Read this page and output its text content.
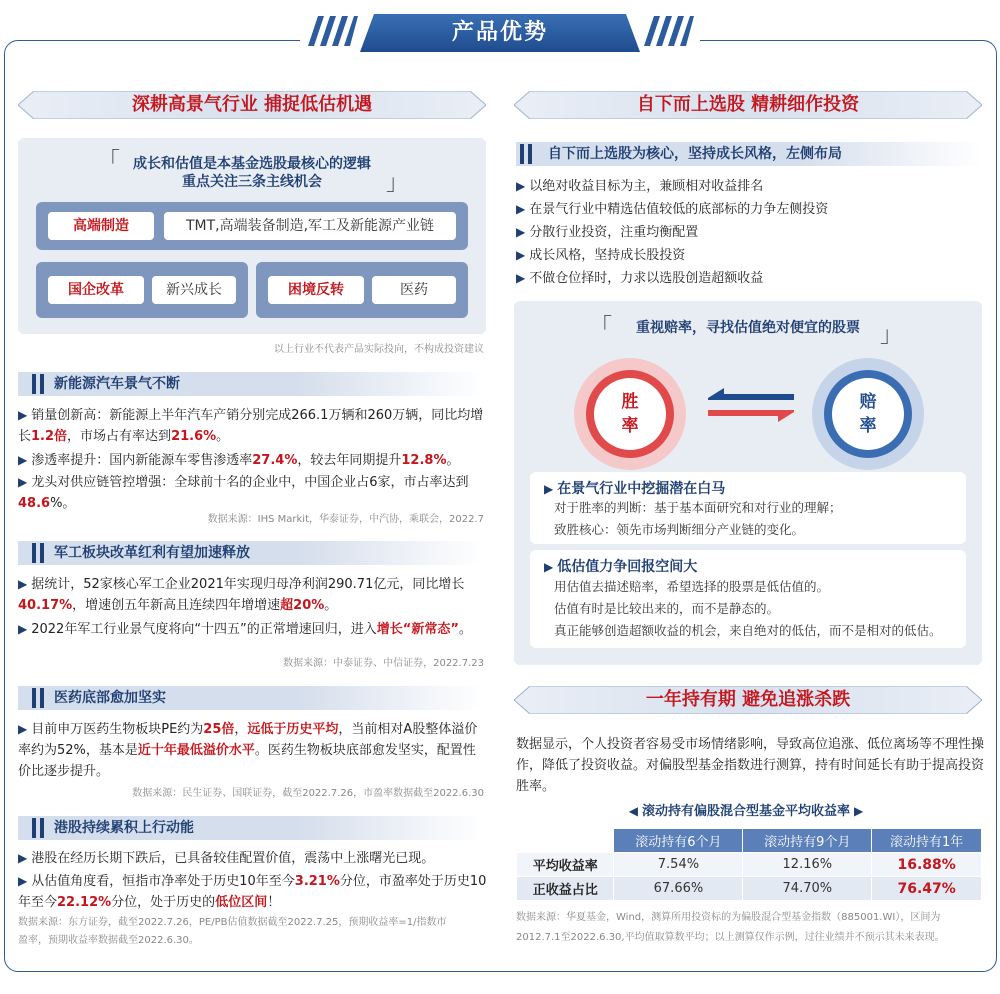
产品优势
深耕高景气行业 捕捉低估机遇
「
」
成长和估值是本基金选股最核心的逻辑
重点关注三条主线机会
高端制造	TMT,高端装备制造,军工及新能源产业链
国企改革	新兴成长	困境反转	医药
以上行业不代表产品实际投向，不构成投资建议
新能源汽车景气不断
▶ 销量创新高：新能源上半年汽车产销分别完成266.1万辆和260万辆，同比均增长1.2倍，市场占有率达到21.6%。
▶ 渗透率提升：国内新能源车零售渗透率27.4%，较去年同期提升12.8%。
▶ 龙头对供应链管控增强：全球前十名的企业中，中国企业占6家，市占率达到48.6%。
数据来源：IHS Markit，华泰证券，中汽协，乘联会，2022.7
军工板块改革红利有望加速释放
▶ 据统计，52家核心军工企业2021年实现归母净利润290.71亿元，同比增长40.17%，增速创五年新高且连续四年增增速超20%。
▶ 2022年军工行业景气度将向“十四五”的正常增速回归，进入增长“新常态”。
数据来源：中泰证券、中信证券，2022.7.23
医药底部愈加坚实
▶ 目前申万医药生物板块PE约为25倍，远低于历史平均，当前相对A股整体溢价率约为52%，基本是近十年最低溢价水平。医药生物板块底部愈发坚实，配置性价比逐步提升。
数据来源：民生证券、国联证券，截至2022.7.26，市盈率数据截至2022.6.30
港股持续累积上行动能
▶ 港股在经历长期下跌后，已具备较佳配置价值，震荡中上涨曙光已现。
▶ 从估值角度看，恒指市净率处于历史10年至今3.21%分位，市盈率处于历史10年至今22.12%分位，处于历史的低位区间！
数据来源：东方证券，截至2022.7.26，PE/PB估值数据截至2022.7.25，预期收益率=1/指数市
盈率，预期收益率数据截至2022.6.30。
自下而上选股 精耕细作投资
自下而上选股为核心，坚持成长风格，左侧布局
▶ 以绝对收益目标为主，兼顾相对收益排名
▶ 在景气行业中精选估值较低的底部标的力争左侧投资
▶ 分散行业投资，注重均衡配置
▶ 成长风格，坚持成长股投资
▶ 不做仓位择时，力求以选股创造超额收益
「	」
重视赔率，寻找估值绝对便宜的股票
胜
率
赔
率
▶ 在景气行业中挖掘潜在白马
对于胜率的判断：基于基本面研究和对行业的理解；
致胜核心：领先市场判断细分产业链的变化。
▶ 低估值力争回报空间大
用估值去描述赔率，希望选择的股票是低估值的。
估值有时是比较出来的，而不是静态的。
真正能够创造超额收益的机会，来自绝对的低估，而不是相对的低估。
一年持有期 避免追涨杀跌
数据显示，个人投资者容易受市场情绪影响，导致高位追涨、低位离场等不理性操作，降低了投资收益。对偏股型基金指数进行测算，持有时间延长有助于提高投资胜率。
◀ 滚动持有偏股混合型基金平均收益率 ▶
	滚动持有6个月	滚动持有9个月	滚动持有1年
平均收益率	7.54%	12.16%	16.88%
正收益占比	67.66%	74.70%	76.47%
数据来源：华夏基金，Wind，测算所用投资标的为偏股混合型基金指数（885001.WI），区间为
2012.7.1至2022.6.30,平均值取算数平均；以上测算仅作示例，过往业绩并不预示其未来表现。
